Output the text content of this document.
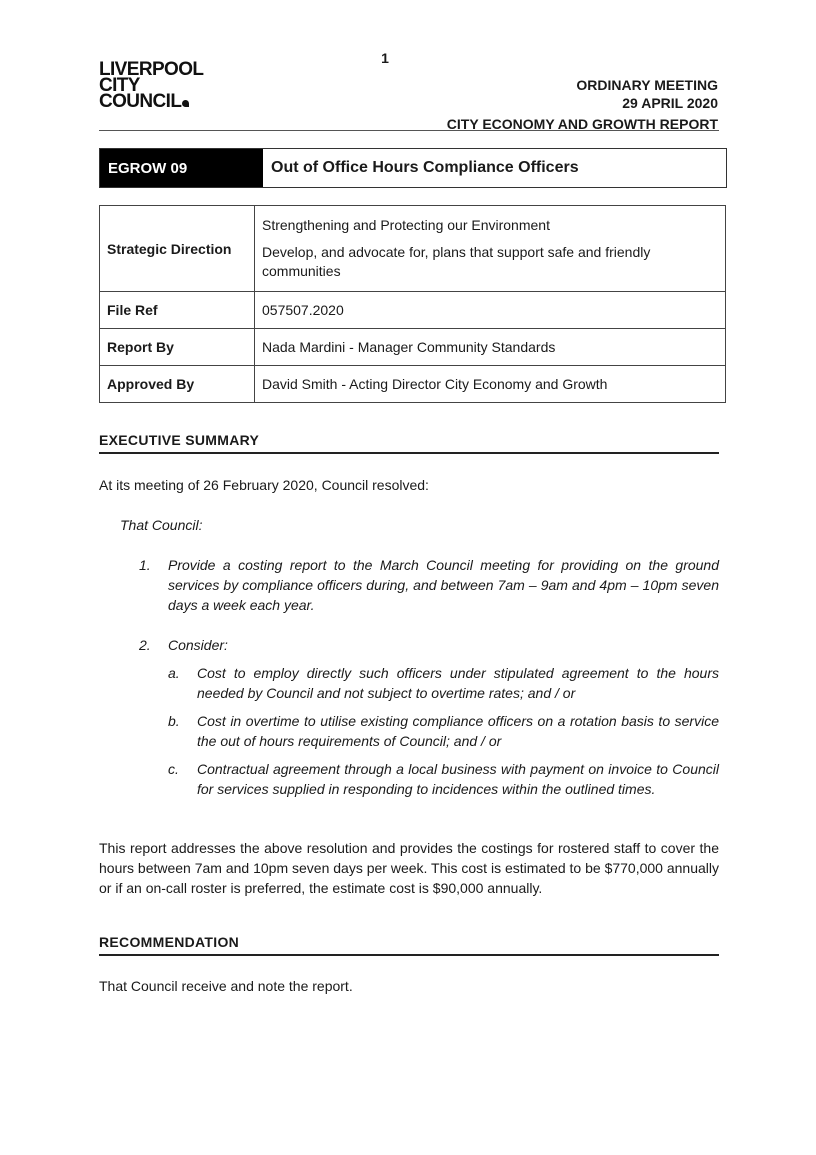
1
LIVERPOOL
CITY
COUNCIL
ORDINARY MEETING
29 APRIL 2020
CITY ECONOMY AND GROWTH REPORT
EGROW 09	Out of Office Hours Compliance Officers
Strategic Direction	Strengthening and Protecting our Environment

Develop, and advocate for, plans that support safe and friendly communities

File Ref	057507.2020
Report By	Nada Mardini - Manager Community Standards
Approved By	David Smith - Acting Director City Economy and Growth
EXECUTIVE SUMMARY
At its meeting of 26 February 2020, Council resolved:
That Council:
1. Provide a costing report to the March Council meeting for providing on the ground services by compliance officers during, and between 7am – 9am and 4pm – 10pm seven days a week each year.
2. Consider:
a. Cost to employ directly such officers under stipulated agreement to the hours needed by Council and not subject to overtime rates; and / or
b. Cost in overtime to utilise existing compliance officers on a rotation basis to service the out of hours requirements of Council; and / or
c. Contractual agreement through a local business with payment on invoice to Council for services supplied in responding to incidences within the outlined times.
This report addresses the above resolution and provides the costings for rostered staff to cover the hours between 7am and 10pm seven days per week. This cost is estimated to be $770,000 annually or if an on-call roster is preferred, the estimate cost is $90,000 annually.
RECOMMENDATION
That Council receive and note the report.
